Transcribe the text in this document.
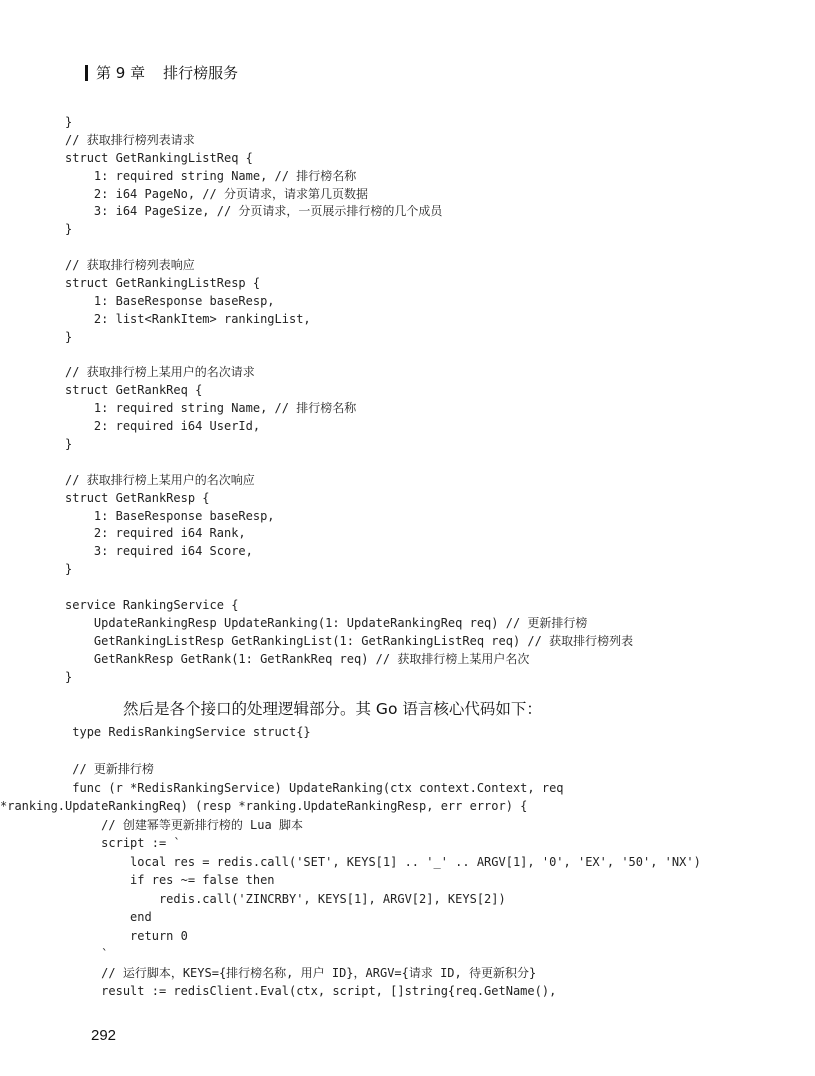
第 9 章 排行榜服务
}
// 获取排行榜列表请求
struct GetRankingListReq {
1: required string Name, // 排行榜名称
2: i64 PageNo, // 分页请求，请求第几页数据
3: i64 PageSize, // 分页请求，一页展示排行榜的几个成员
}
// 获取排行榜列表响应
struct GetRankingListResp {
1: BaseResponse baseResp,
2: list<RankItem> rankingList,
}
// 获取排行榜上某用户的名次请求
struct GetRankReq {
1: required string Name, // 排行榜名称
2: required i64 UserId,
}
// 获取排行榜上某用户的名次响应
struct GetRankResp {
1: BaseResponse baseResp,
2: required i64 Rank,
3: required i64 Score,
}
service RankingService {
UpdateRankingResp UpdateRanking(1: UpdateRankingReq req) // 更新排行榜
GetRankingListResp GetRankingList(1: GetRankingListReq req) // 获取排行榜列表
GetRankResp GetRank(1: GetRankReq req) // 获取排行榜上某用户名次
}
然后是各个接口的处理逻辑部分。其 Go 语言核心代码如下：
type RedisRankingService struct{}
// 更新排行榜
func (r *RedisRankingService) UpdateRanking(ctx context.Context, req
*ranking.UpdateRankingReq) (resp *ranking.UpdateRankingResp, err error) {
// 创建幂等更新排行榜的 Lua 脚本
script := `
local res = redis.call('SET', KEYS[1] .. '_' .. ARGV[1], '0', 'EX', '50', 'NX')
if res ~= false then
redis.call('ZINCRBY', KEYS[1], ARGV[2], KEYS[2])
end
return 0
`
// 运行脚本，KEYS={排行榜名称, 用户 ID}，ARGV={请求 ID, 待更新积分}
result := redisClient.Eval(ctx, script, []string{req.GetName(),
292
